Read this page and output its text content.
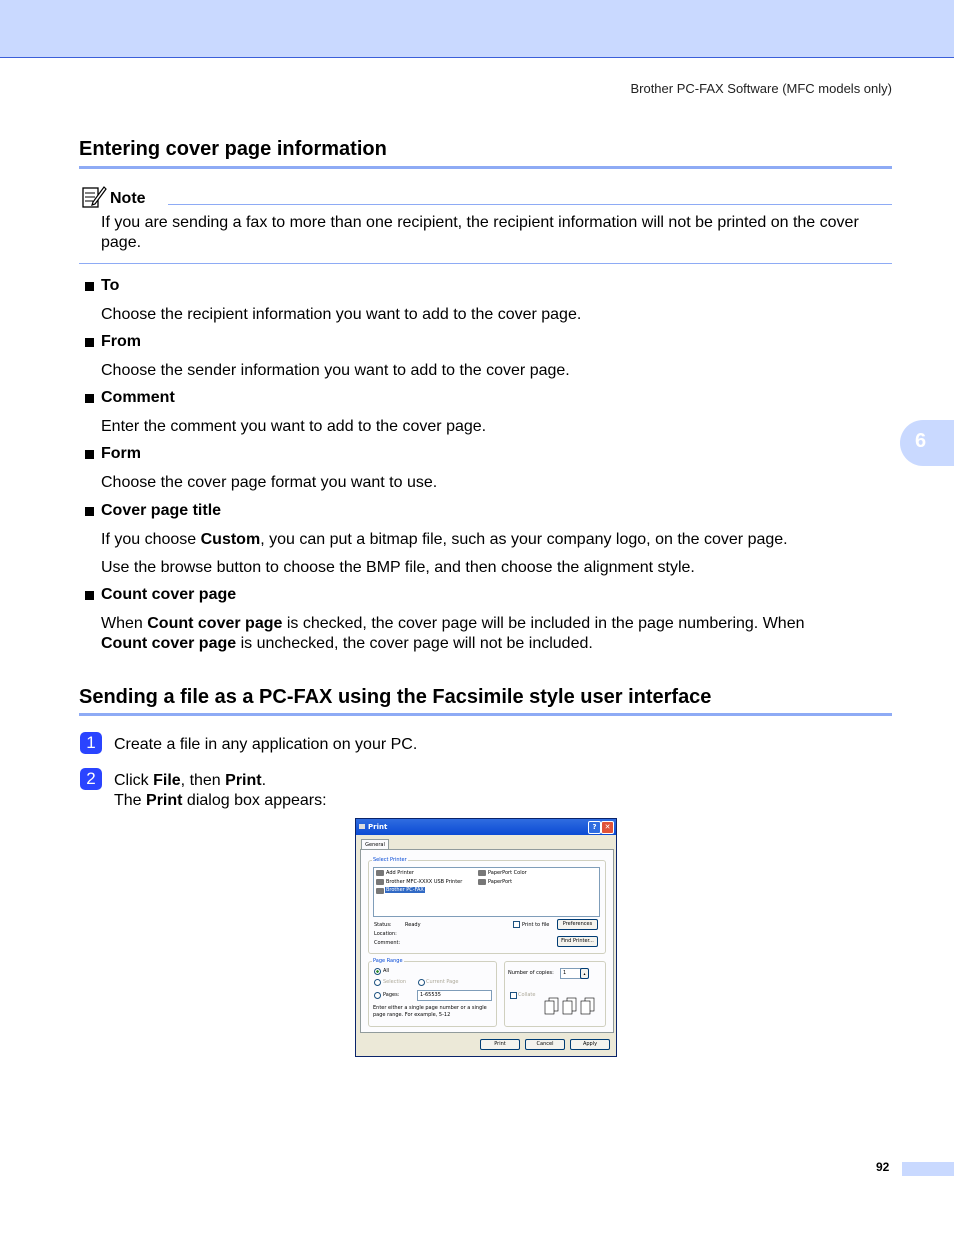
Brother PC-FAX Software (MFC models only)
Entering cover page information
Note
If you are sending a fax to more than one recipient, the recipient information will not be printed on the cover page.
To
Choose the recipient information you want to add to the cover page.
From
Choose the sender information you want to add to the cover page.
Comment
Enter the comment you want to add to the cover page.
Form
Choose the cover page format you want to use.
Cover page title
If you choose Custom, you can put a bitmap file, such as your company logo, on the cover page.
Use the browse button to choose the BMP file, and then choose the alignment style.
Count cover page
When Count cover page is checked, the cover page will be included in the page numbering. When
Count cover page is unchecked, the cover page will not be included.
6
Sending a file as a PC-FAX using the Facsimile style user interface
1	Create a file in any application on your PC.
2	Click File, then Print.
The Print dialog box appears:
Print	?	✕
General
Select Printer
Add Printer
Brother MFC-XXXX USB Printer
Brother PC-FAX
PaperPort Color
PaperPort
Status:	Ready
Location:
Comment:
Print to file	Preferences
Find Printer...
Page Range
All
Selection	Current Page
Pages:	1-65535
Enter either a single page number or a single
page range. For example, 5-12
Number of copies:	1	▴
Collate
Print	Cancel	Apply
92
